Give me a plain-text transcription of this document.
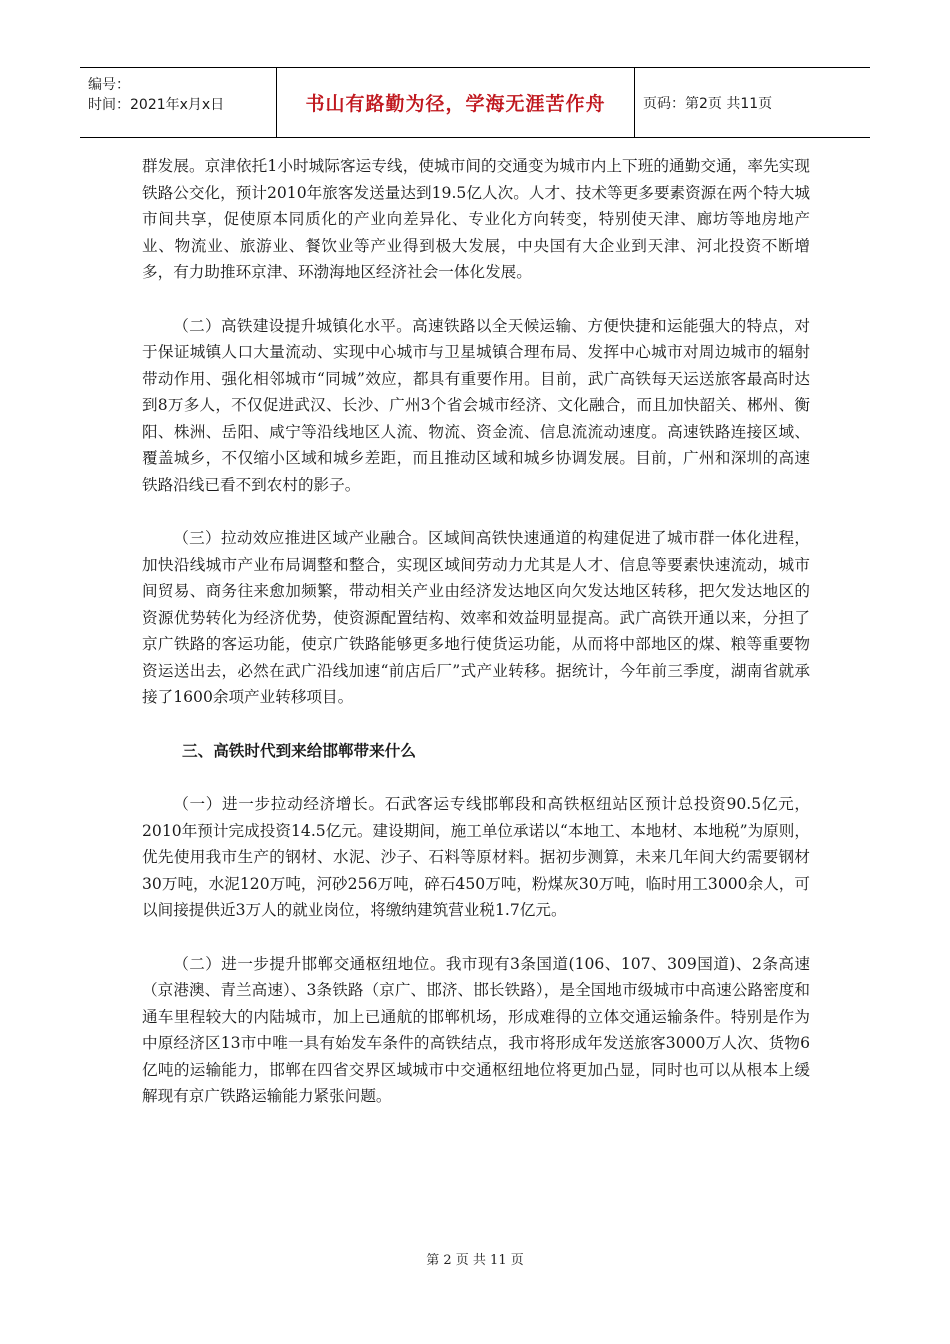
编号：
时间：2021年x月x日	书山有路勤为径，学海无涯苦作舟	页码：第2页 共11页

群发展。京津依托1小时城际客运专线，使城市间的交通变为城市内上下班的通勤交通，率先实现铁路公交化，预计2010年旅客发送量达到19.5亿人次。人才、技术等更多要素资源在两个特大城市间共享，促使原本同质化的产业向差异化、专业化方向转变，特别使天津、廊坊等地房地产业、物流业、旅游业、餐饮业等产业得到极大发展，中央国有大企业到天津、河北投资不断增多，有力助推环京津、环渤海地区经济社会一体化发展。

（二）高铁建设提升城镇化水平。高速铁路以全天候运输、方便快捷和运能强大的特点，对于保证城镇人口大量流动、实现中心城市与卫星城镇合理布局、发挥中心城市对周边城市的辐射带动作用、强化相邻城市“同城”效应，都具有重要作用。目前，武广高铁每天运送旅客最高时达到8万多人，不仅促进武汉、长沙、广州3个省会城市经济、文化融合，而且加快韶关、郴州、衡阳、株洲、岳阳、咸宁等沿线地区人流、物流、资金流、信息流流动速度。高速铁路连接区域、覆盖城乡，不仅缩小区域和城乡差距，而且推动区域和城乡协调发展。目前，广州和深圳的高速铁路沿线已看不到农村的影子。

（三）拉动效应推进区域产业融合。区域间高铁快速通道的构建促进了城市群一体化进程，加快沿线城市产业布局调整和整合，实现区域间劳动力尤其是人才、信息等要素快速流动，城市间贸易、商务往来愈加频繁，带动相关产业由经济发达地区向欠发达地区转移，把欠发达地区的资源优势转化为经济优势，使资源配置结构、效率和效益明显提高。武广高铁开通以来，分担了京广铁路的客运功能，使京广铁路能够更多地行使货运功能，从而将中部地区的煤、粮等重要物资运送出去，必然在武广沿线加速“前店后厂”式产业转移。据统计，今年前三季度，湖南省就承接了1600余项产业转移项目。

三、高铁时代到来给邯郸带来什么

（一）进一步拉动经济增长。石武客运专线邯郸段和高铁枢纽站区预计总投资90.5亿元，2010年预计完成投资14.5亿元。建设期间，施工单位承诺以“本地工、本地材、本地税”为原则，优先使用我市生产的钢材、水泥、沙子、石料等原材料。据初步测算，未来几年间大约需要钢材30万吨，水泥120万吨，河砂256万吨，碎石450万吨，粉煤灰30万吨，临时用工3000余人，可以间接提供近3万人的就业岗位，将缴纳建筑营业税1.7亿元。

（二）进一步提升邯郸交通枢纽地位。我市现有3条国道(106、107、309国道)、2条高速（京港澳、青兰高速）、3条铁路（京广、邯济、邯长铁路），是全国地市级城市中高速公路密度和通车里程较大的内陆城市，加上已通航的邯郸机场，形成难得的立体交通运输条件。特别是作为中原经济区13市中唯一具有始发车条件的高铁结点，我市将形成年发送旅客3000万人次、货物6亿吨的运输能力，邯郸在四省交界区域城市中交通枢纽地位将更加凸显，同时也可以从根本上缓解现有京广铁路运输能力紧张问题。

第 2 页 共 11 页
